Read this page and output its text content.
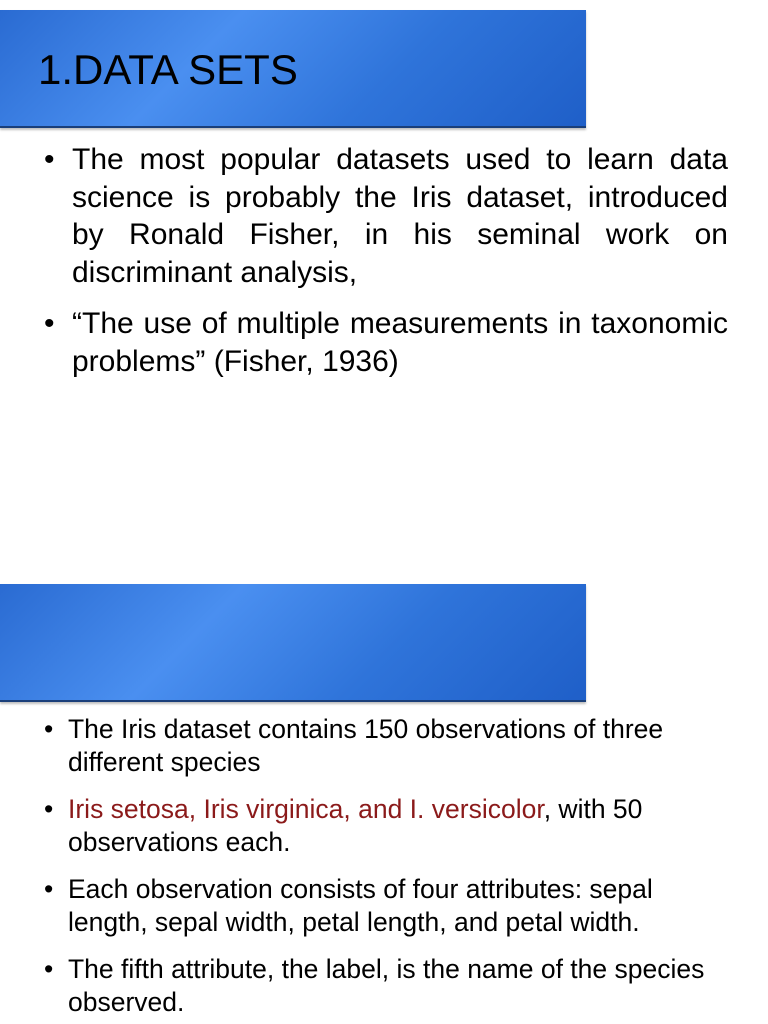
1.DATA SETS
• The most popular datasets used to learn data science is probably the Iris dataset, introduced by Ronald Fisher, in his seminal work on discriminant analysis,
• “The use of multiple measurements in taxonomic problems” (Fisher, 1936)
• The Iris dataset contains 150 observations of three different species
• Iris setosa, Iris virginica, and I. versicolor, with 50 observations each.
• Each observation consists of four attributes: sepal length, sepal width, petal length, and petal width.
• The fifth attribute, the label, is the name of the species observed.
